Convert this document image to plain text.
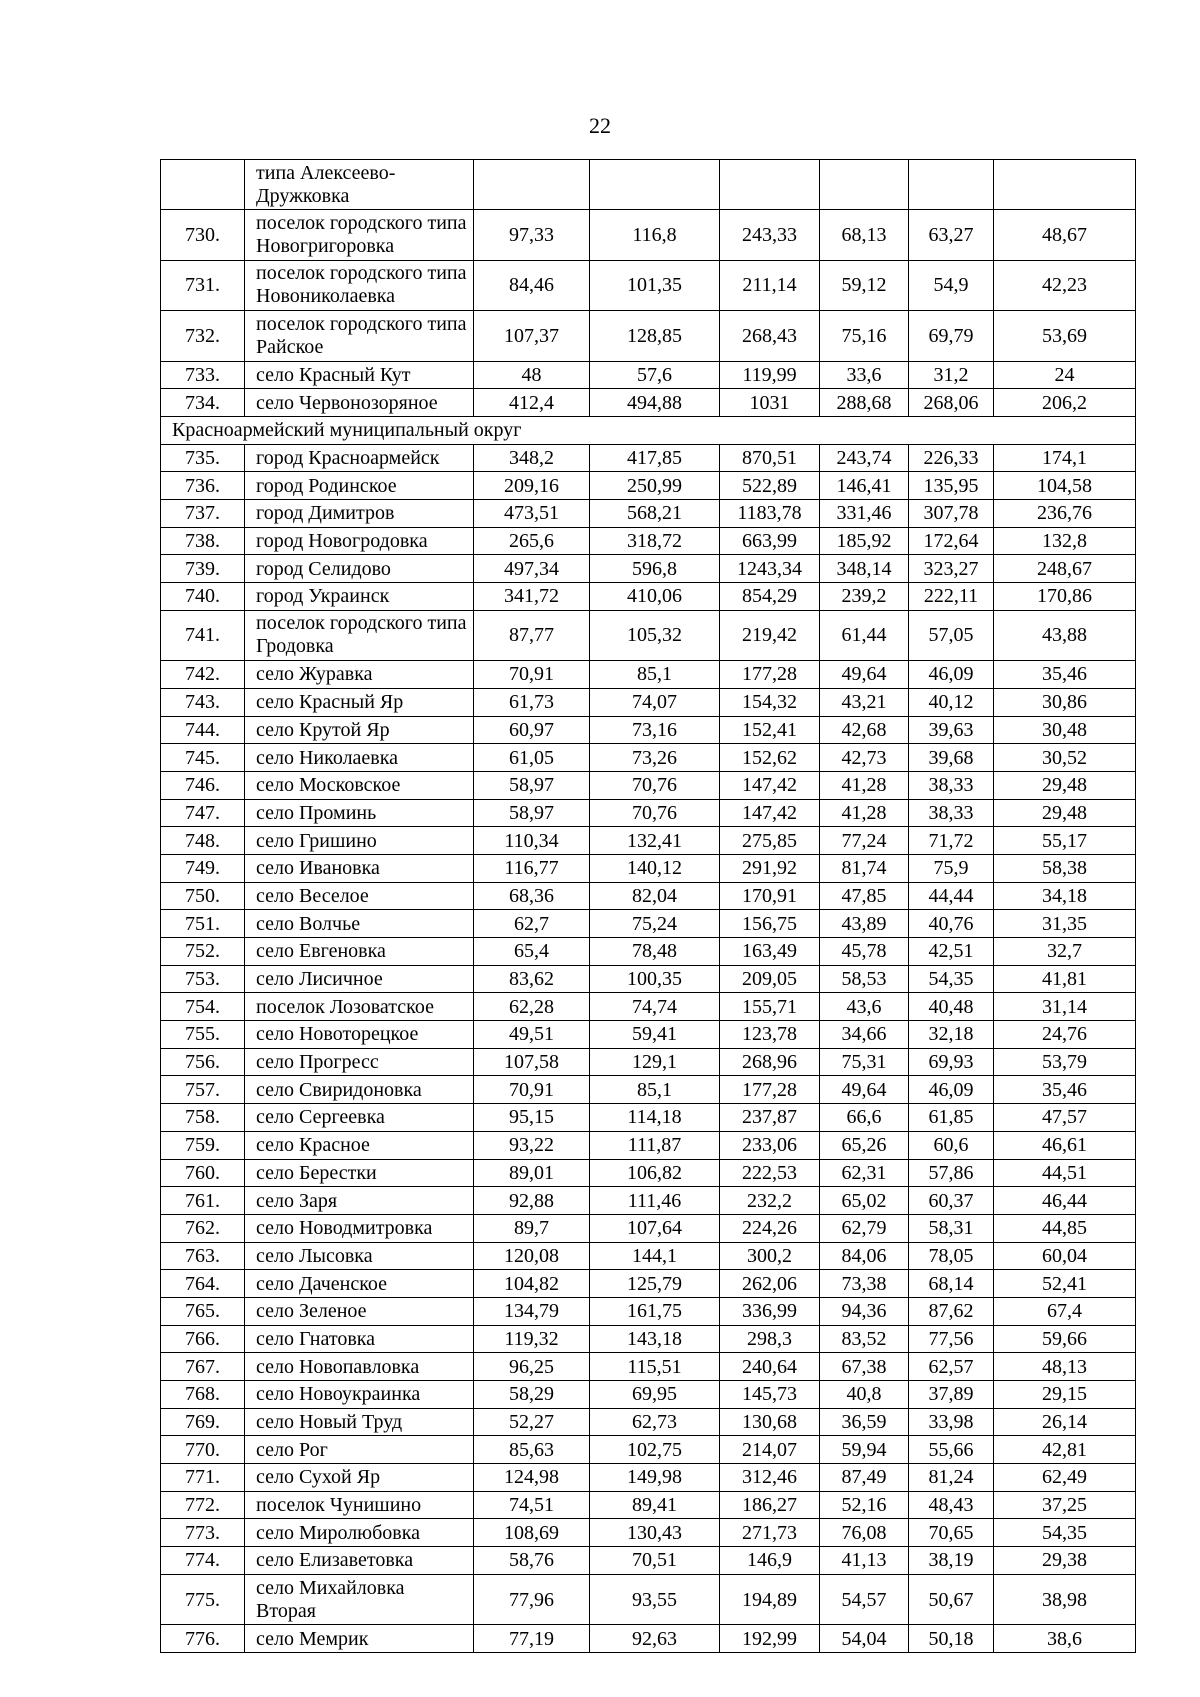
22
	типа Алексеево-Дружковка						
730.	поселок городского типа Новогригоровка	97,33	116,8	243,33	68,13	63,27	48,67
731.	поселок городского типа Новониколаевка	84,46	101,35	211,14	59,12	54,9	42,23
732.	поселок городского типа Райское	107,37	128,85	268,43	75,16	69,79	53,69
733.	село Красный Кут	48	57,6	119,99	33,6	31,2	24
734.	село Червонозоряное	412,4	494,88	1031	288,68	268,06	206,2
Красноармейский муниципальный округ							
735.	город Красноармейск	348,2	417,85	870,51	243,74	226,33	174,1
736.	город Родинское	209,16	250,99	522,89	146,41	135,95	104,58
737.	город Димитров	473,51	568,21	1183,78	331,46	307,78	236,76
738.	город Новогродовка	265,6	318,72	663,99	185,92	172,64	132,8
739.	город Селидово	497,34	596,8	1243,34	348,14	323,27	248,67
740.	город Украинск	341,72	410,06	854,29	239,2	222,11	170,86
741.	поселок городского типа Гродовка	87,77	105,32	219,42	61,44	57,05	43,88
742.	село Журавка	70,91	85,1	177,28	49,64	46,09	35,46
743.	село Красный Яр	61,73	74,07	154,32	43,21	40,12	30,86
744.	село Крутой Яр	60,97	73,16	152,41	42,68	39,63	30,48
745.	село Николаевка	61,05	73,26	152,62	42,73	39,68	30,52
746.	село Московское	58,97	70,76	147,42	41,28	38,33	29,48
747.	село Проминь	58,97	70,76	147,42	41,28	38,33	29,48
748.	село Гришино	110,34	132,41	275,85	77,24	71,72	55,17
749.	село Ивановка	116,77	140,12	291,92	81,74	75,9	58,38
750.	село Веселое	68,36	82,04	170,91	47,85	44,44	34,18
751.	село Волчье	62,7	75,24	156,75	43,89	40,76	31,35
752.	село Евгеновка	65,4	78,48	163,49	45,78	42,51	32,7
753.	село Лисичное	83,62	100,35	209,05	58,53	54,35	41,81
754.	поселок Лозоватское	62,28	74,74	155,71	43,6	40,48	31,14
755.	село Новоторецкое	49,51	59,41	123,78	34,66	32,18	24,76
756.	село Прогресс	107,58	129,1	268,96	75,31	69,93	53,79
757.	село Свиридоновка	70,91	85,1	177,28	49,64	46,09	35,46
758.	село Сергеевка	95,15	114,18	237,87	66,6	61,85	47,57
759.	село Красное	93,22	111,87	233,06	65,26	60,6	46,61
760.	село Берестки	89,01	106,82	222,53	62,31	57,86	44,51
761.	село Заря	92,88	111,46	232,2	65,02	60,37	46,44
762.	село Новодмитровка	89,7	107,64	224,26	62,79	58,31	44,85
763.	село Лысовка	120,08	144,1	300,2	84,06	78,05	60,04
764.	село Даченское	104,82	125,79	262,06	73,38	68,14	52,41
765.	село Зеленое	134,79	161,75	336,99	94,36	87,62	67,4
766.	село Гнатовка	119,32	143,18	298,3	83,52	77,56	59,66
767.	село Новопавловка	96,25	115,51	240,64	67,38	62,57	48,13
768.	село Новоукраинка	58,29	69,95	145,73	40,8	37,89	29,15
769.	село Новый Труд	52,27	62,73	130,68	36,59	33,98	26,14
770.	село Рог	85,63	102,75	214,07	59,94	55,66	42,81
771.	село Сухой Яр	124,98	149,98	312,46	87,49	81,24	62,49
772.	поселок Чунишино	74,51	89,41	186,27	52,16	48,43	37,25
773.	село Миролюбовка	108,69	130,43	271,73	76,08	70,65	54,35
774.	село Елизаветовка	58,76	70,51	146,9	41,13	38,19	29,38
775.	село Михайловка Вторая	77,96	93,55	194,89	54,57	50,67	38,98
776.	село Мемрик	77,19	92,63	192,99	54,04	50,18	38,6
